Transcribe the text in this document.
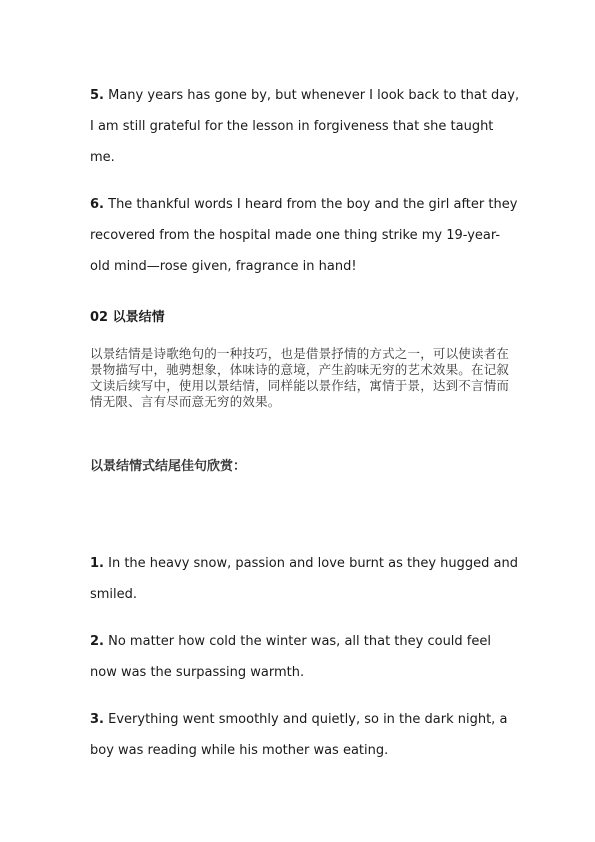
5. Many years has gone by, but whenever I look back to that day, I am still grateful for the lesson in forgiveness that she taught me.

6. The thankful words I heard from the boy and the girl after they recovered from the hospital made one thing strike my 19-year-old mind—rose given, fragrance in hand!

02 以景结情

以景结情是诗歌绝句的一种技巧，也是借景抒情的方式之一，可以使读者在景物描写中，驰骋想象，体味诗的意境，产生韵味无穷的艺术效果。在记叙文读后续写中，使用以景结情，同样能以景作结，寓情于景，达到不言情而情无限、言有尽而意无穷的效果。

以景结情式结尾佳句欣赏：

1. In the heavy snow, passion and love burnt as they hugged and smiled.

2. No matter how cold the winter was, all that they could feel now was the surpassing warmth.

3. Everything went smoothly and quietly, so in the dark night, a boy was reading while his mother was eating.
